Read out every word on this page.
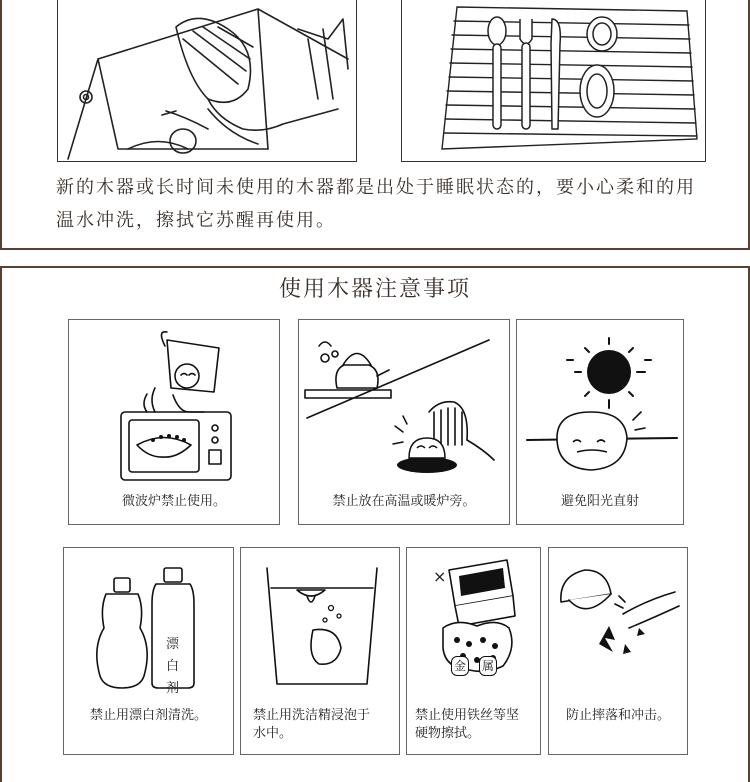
新的木器或长时间未使用的木器都是出处于睡眠状态的，要小心柔和的用
温水冲洗，擦拭它苏醒再使用。
使用木器注意事项
微波炉禁止使用。	禁止放在高温或暖炉旁。	避免阳光直射
漂
白
剂
禁止用漂白剂清洗。	禁止用洗洁精浸泡于
水中。
×
金 属
禁止使用铁丝等坚
硬物擦拭。
防止摔落和冲击。
